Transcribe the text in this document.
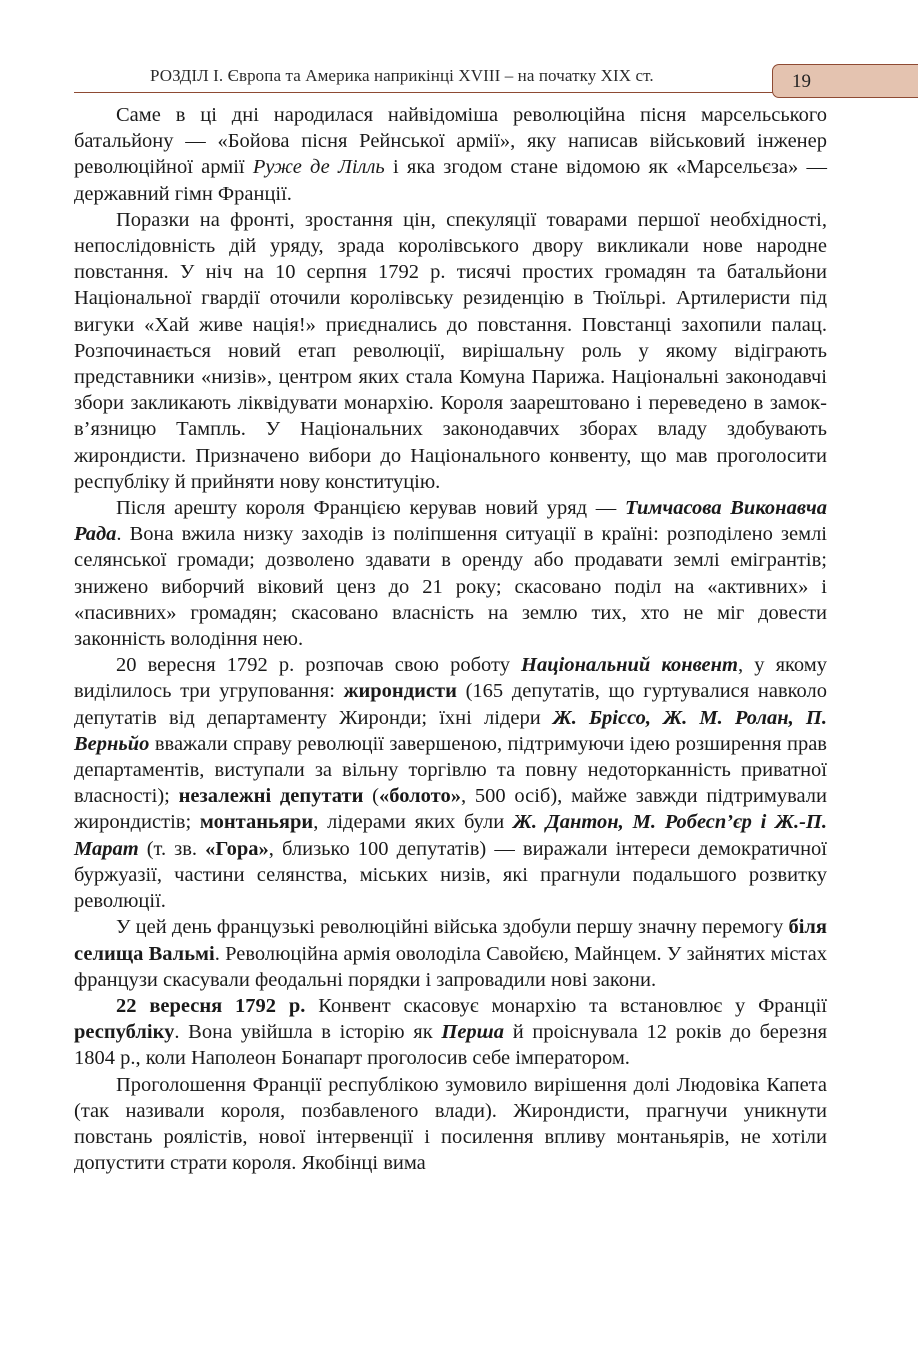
РОЗДІЛ І. Європа та Америка наприкінці XVIII – на початку XIX ст.	19

Саме в ці дні народилася найвідоміша революційна пісня марсельського батальйону — «Бойова пісня Рейнської армії», яку написав військовий інженер революційної армії Руже де Лілль і яка згодом стане відомою як «Марсельєза» — державний гімн Франції.

Поразки на фронті, зростання цін, спекуляції товарами першої необхідності, непослідовність дій уряду, зрада королівського двору викликали нове народне повстання. У ніч на 10 серпня 1792 р. тисячі простих громадян та батальйони Національної гвардії оточили королівську резиденцію в Тюїльрі. Артилеристи під вигуки «Хай живе нація!» приєднались до повстання. Повстанці захопили палац. Розпочинається новий етап революції, вирішальну роль у якому відіграють представники «низів», центром яких стала Комуна Парижа. Національні законодавчі збори закликають ліквідувати монархію. Короля заарештовано і переведено в замок-в’язницю Тампль. У Національних законодавчих зборах владу здобувають жирондисти. Призначено вибори до Національного конвенту, що мав проголосити республіку й прийняти нову конституцію.

Після арешту короля Францією керував новий уряд — Тимчасова Виконавча Рада. Вона вжила низку заходів із поліпшення ситуації в країні: розподілено землі селянської громади; дозволено здавати в оренду або продавати землі емігрантів; знижено виборчий віковий ценз до 21 року; скасовано поділ на «активних» і «пасивних» громадян; скасовано власність на землю тих, хто не міг довести законність володіння нею.

20 вересня 1792 р. розпочав свою роботу Національний конвент, у якому виділилось три угруповання: жирондисти (165 депутатів, що гуртувалися навколо депутатів від департаменту Жиронди; їхні лідери Ж. Бріссо, Ж. М. Ролан, П. Верньйо вважали справу революції завершеною, підтримуючи ідею розширення прав департаментів, виступали за вільну торгівлю та повну недоторканність приватної власності); незалежні депутати («болото», 500 осіб), майже завжди підтримували жирондистів; монтаньяри, лідерами яких були Ж. Дантон, М. Робесп’єр і Ж.-П. Марат (т. зв. «Гора», близько 100 депутатів) — виражали інтереси демократичної буржуазії, частини селянства, міських низів, які прагнули подальшого розвитку революції.

У цей день французькі революційні війська здобули першу значну перемогу біля селища Вальмі. Революційна армія оволоділа Савойєю, Майнцем. У зайнятих містах французи скасували феодальні порядки і запровадили нові закони.

22 вересня 1792 р. Конвент скасовує монархію та встановлює у Франції республіку. Вона увійшла в історію як Перша й проіснувала 12 років до березня 1804 р., коли Наполеон Бонапарт проголосив себе імператором.

Проголошення Франції республікою зумовило вирішення долі Людовіка Капета (так називали короля, позбавленого влади). Жирондисти, прагнучи уникнути повстань роялістів, нової інтервенції і посилення впливу монтаньярів, не хотіли допустити страти короля. Якобінці вима
